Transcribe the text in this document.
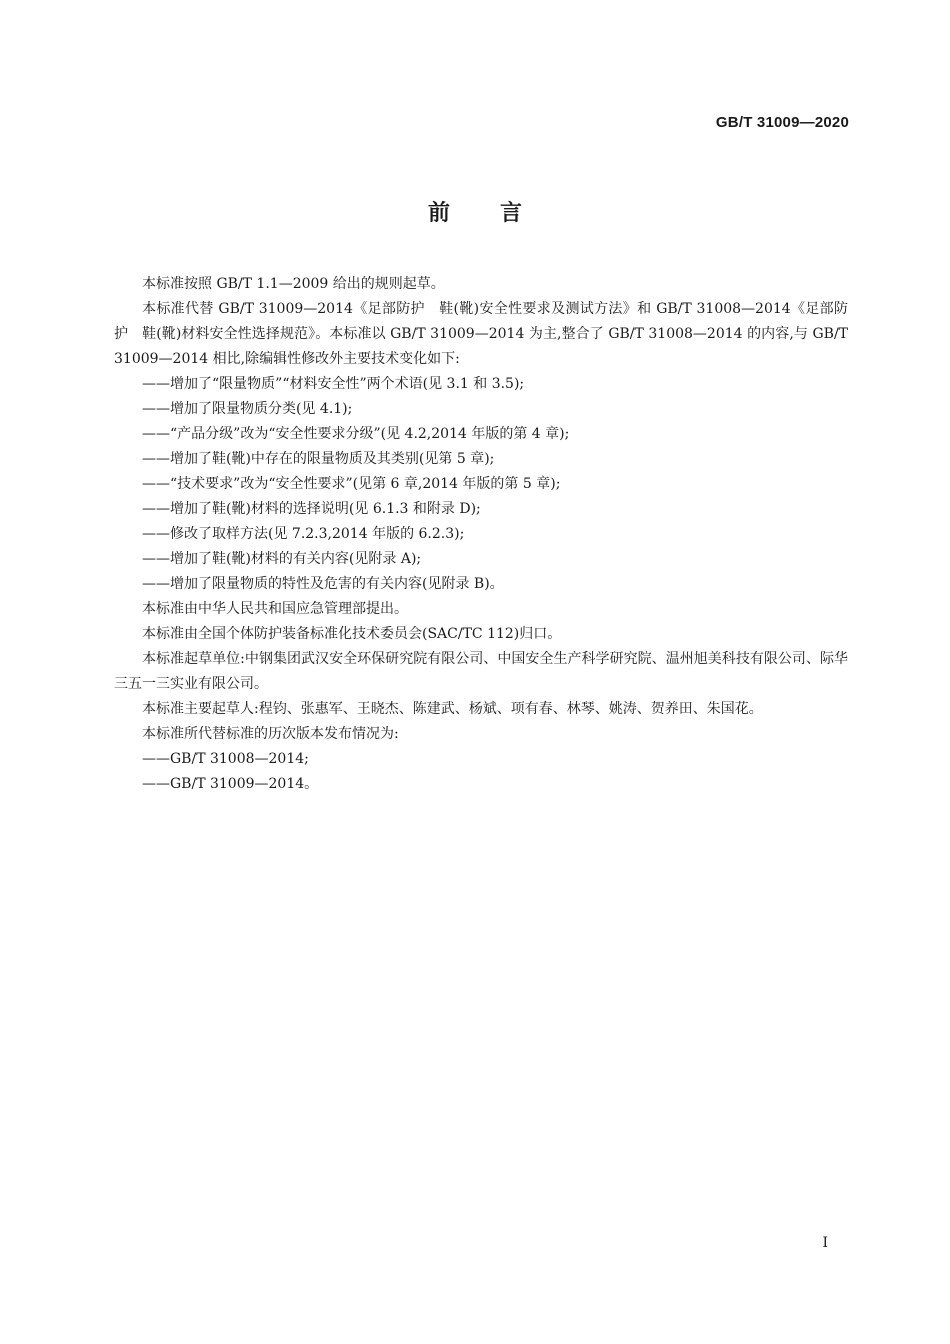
GB/T 31009—2020

前 言

本标准按照 GB/T 1.1—2009 给出的规则起草。

本标准代替 GB/T 31009—2014《足部防护　鞋(靴)安全性要求及测试方法》和 GB/T 31008—2014《足部防护　鞋(靴)材料安全性选择规范》。本标准以 GB/T 31009—2014 为主,整合了 GB/T 31008—2014 的内容,与 GB/T 31009—2014 相比,除编辑性修改外主要技术变化如下:

——增加了“限量物质”“材料安全性”两个术语(见 3.1 和 3.5);

——增加了限量物质分类(见 4.1);

——“产品分级”改为“安全性要求分级”(见 4.2,2014 年版的第 4 章);

——增加了鞋(靴)中存在的限量物质及其类别(见第 5 章);

——“技术要求”改为“安全性要求”(见第 6 章,2014 年版的第 5 章);

——增加了鞋(靴)材料的选择说明(见 6.1.3 和附录 D);

——修改了取样方法(见 7.2.3,2014 年版的 6.2.3);

——增加了鞋(靴)材料的有关内容(见附录 A);

——增加了限量物质的特性及危害的有关内容(见附录 B)。

本标准由中华人民共和国应急管理部提出。

本标准由全国个体防护装备标准化技术委员会(SAC/TC 112)归口。

本标准起草单位:中钢集团武汉安全环保研究院有限公司、中国安全生产科学研究院、温州旭美科技有限公司、际华三五一三实业有限公司。

本标准主要起草人:程钧、张惠军、王晓杰、陈建武、杨斌、项有春、林琴、姚涛、贺养田、朱国花。

本标准所代替标准的历次版本发布情况为:

——GB/T 31008—2014;

——GB/T 31009—2014。

I
